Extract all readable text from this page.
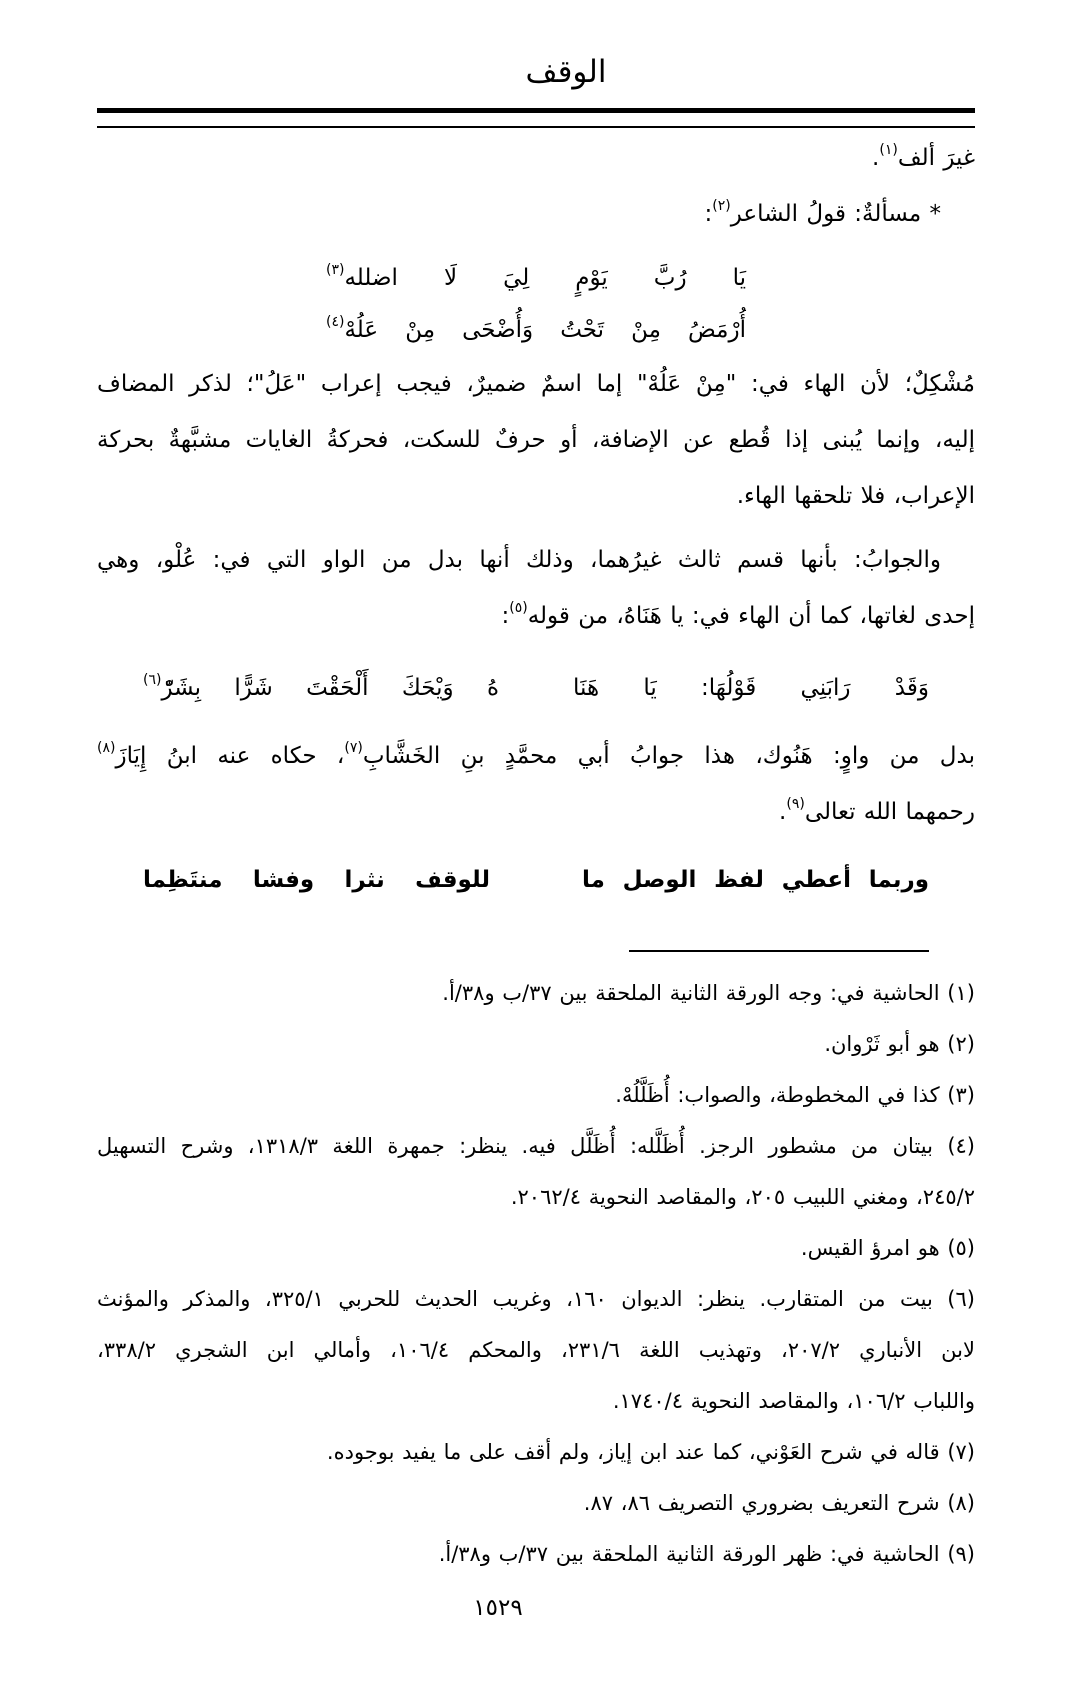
الوقف
غيرَ ألف$^{(١)}$.
* مسألةٌ: قولُ الشاعر$^{(٢)}$:
يَا رُبَّ يَوْمٍ لِيَ لَا اضلله$^{(٣)}$
أُرْمَضُ مِنْ تَحْتُ وَأُضْحَى مِنْ عَلُهْ$^{(٤)}$
مُشْكِلٌ؛ لأن الهاء في: "مِنْ عَلُهْ" إما اسمٌ ضميرٌ، فيجب إعراب "عَلُ"؛ لذكر المضاف
إليه، وإنما يُبنى إذا قُطع عن الإضافة، أو حرفٌ للسكت، فحركةُ الغايات مشبَّهةٌ بحركة
الإعراب، فلا تلحقها الهاء.
والجوابُ: بأنها قسم ثالث غيرُهما، وذلك أنها بدل من الواو التي في: عُلْو، وهي
إحدى لغاتها، كما أن الهاء في: يا هَنَاهُ، من قوله$^{(٥)}$:
وَقَدْ رَابَنِي قَوْلُهَا: يَا هَنَا
هُ وَيْحَكَ أَلْحَقْتَ شَرًّا بِشَرّْ$^{(٦)}$
بدل من واوٍ: هَنُوك، هذا جوابُ أبي محمَّدٍ بنِ الخَشَّابِ$^{(٧)}$، حكاه عنه ابنُ إِيَازَ$^{(٨)}$
رحمهما الله تعالى$^{(٩)}$.
وربما أعطي لفظ الوصل ما
للوقف نثرا وفشا منتَظِما
(١) الحاشية في: وجه الورقة الثانية الملحقة بين ٣٧/ب و٣٨/أ.
(٢) هو أبو ثَرْوان.
(٣) كذا في المخطوطة، والصواب: أُظَلَّلُهْ.
(٤) بيتان من مشطور الرجز. أُظَلَّله: أُظَلَّل فيه. ينظر: جمهرة اللغة ١٣١٨/٣، وشرح التسهيل
٢٤٥/٢، ومغني اللبيب ٢٠٥، والمقاصد النحوية ٢٠٦٢/٤.
(٥) هو امرؤ القيس.
(٦) بيت من المتقارب. ينظر: الديوان ١٦٠، وغريب الحديث للحربي ٣٢٥/١، والمذكر والمؤنث
لابن الأنباري ٢٠٧/٢، وتهذيب اللغة ٢٣١/٦، والمحكم ١٠٦/٤، وأمالي ابن الشجري ٣٣٨/٢،
واللباب ١٠٦/٢، والمقاصد النحوية ١٧٤٠/٤.
(٧) قاله في شرح العَوْني، كما عند ابن إياز، ولم أقف على ما يفيد بوجوده.
(٨) شرح التعريف بضروري التصريف ٨٦، ٨٧.
(٩) الحاشية في: ظهر الورقة الثانية الملحقة بين ٣٧/ب و٣٨/أ.
١٥٢٩
